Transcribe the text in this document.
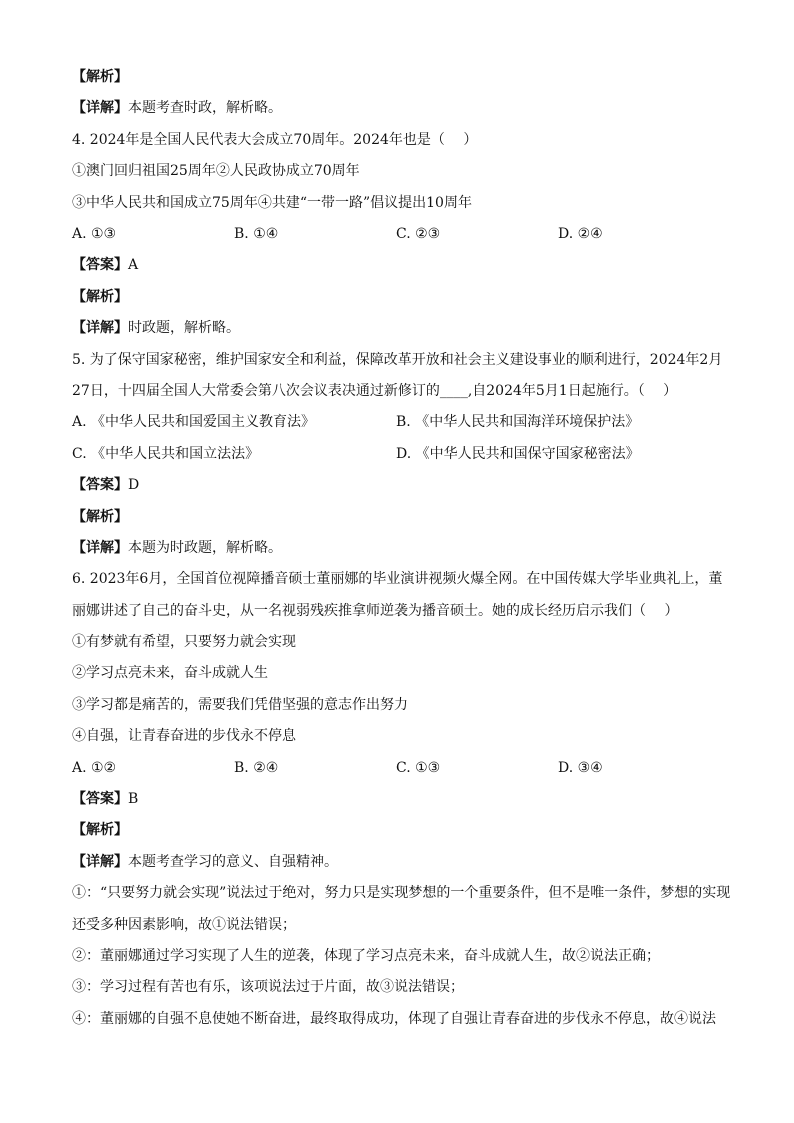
【解析】
【详解】本题考查时政，解析略。
4. 2024年是全国人民代表大会成立70周年。2024年也是（　 ）
①澳门回归祖国25周年②人民政协成立70周年
③中华人民共和国成立75周年④共建“一带一路”倡议提出10周年
A. ①③	B. ①④	C. ②③	D. ②④
【答案】A
【解析】
【详解】时政题，解析略。
5. 为了保守国家秘密，维护国家安全和利益，保障改革开放和社会主义建设事业的顺利进行，2024年2月27日，十四届全国人大常委会第八次会议表决通过新修订的____,自2024年5月1日起施行。（　 ）
A. 《中华人民共和国爱国主义教育法》	B. 《中华人民共和国海洋环境保护法》
C. 《中华人民共和国立法法》	D. 《中华人民共和国保守国家秘密法》
【答案】D
【解析】
【详解】本题为时政题，解析略。
6. 2023年6月，全国首位视障播音硕士董丽娜的毕业演讲视频火爆全网。在中国传媒大学毕业典礼上，董丽娜讲述了自己的奋斗史，从一名视弱残疾推拿师逆袭为播音硕士。她的成长经历启示我们（　 ）
①有梦就有希望，只要努力就会实现
②学习点亮未来，奋斗成就人生
③学习都是痛苦的，需要我们凭借坚强的意志作出努力
④自强，让青春奋进的步伐永不停息
A. ①②	B. ②④	C. ①③	D. ③④
【答案】B
【解析】
【详解】本题考查学习的意义、自强精神。
①：“只要努力就会实现”说法过于绝对，努力只是实现梦想的一个重要条件，但不是唯一条件，梦想的实现还受多种因素影响，故①说法错误；
②：董丽娜通过学习实现了人生的逆袭，体现了学习点亮未来，奋斗成就人生，故②说法正确；
③：学习过程有苦也有乐，该项说法过于片面，故③说法错误；
④：董丽娜的自强不息使她不断奋进，最终取得成功，体现了自强让青春奋进的步伐永不停息，故④说法
